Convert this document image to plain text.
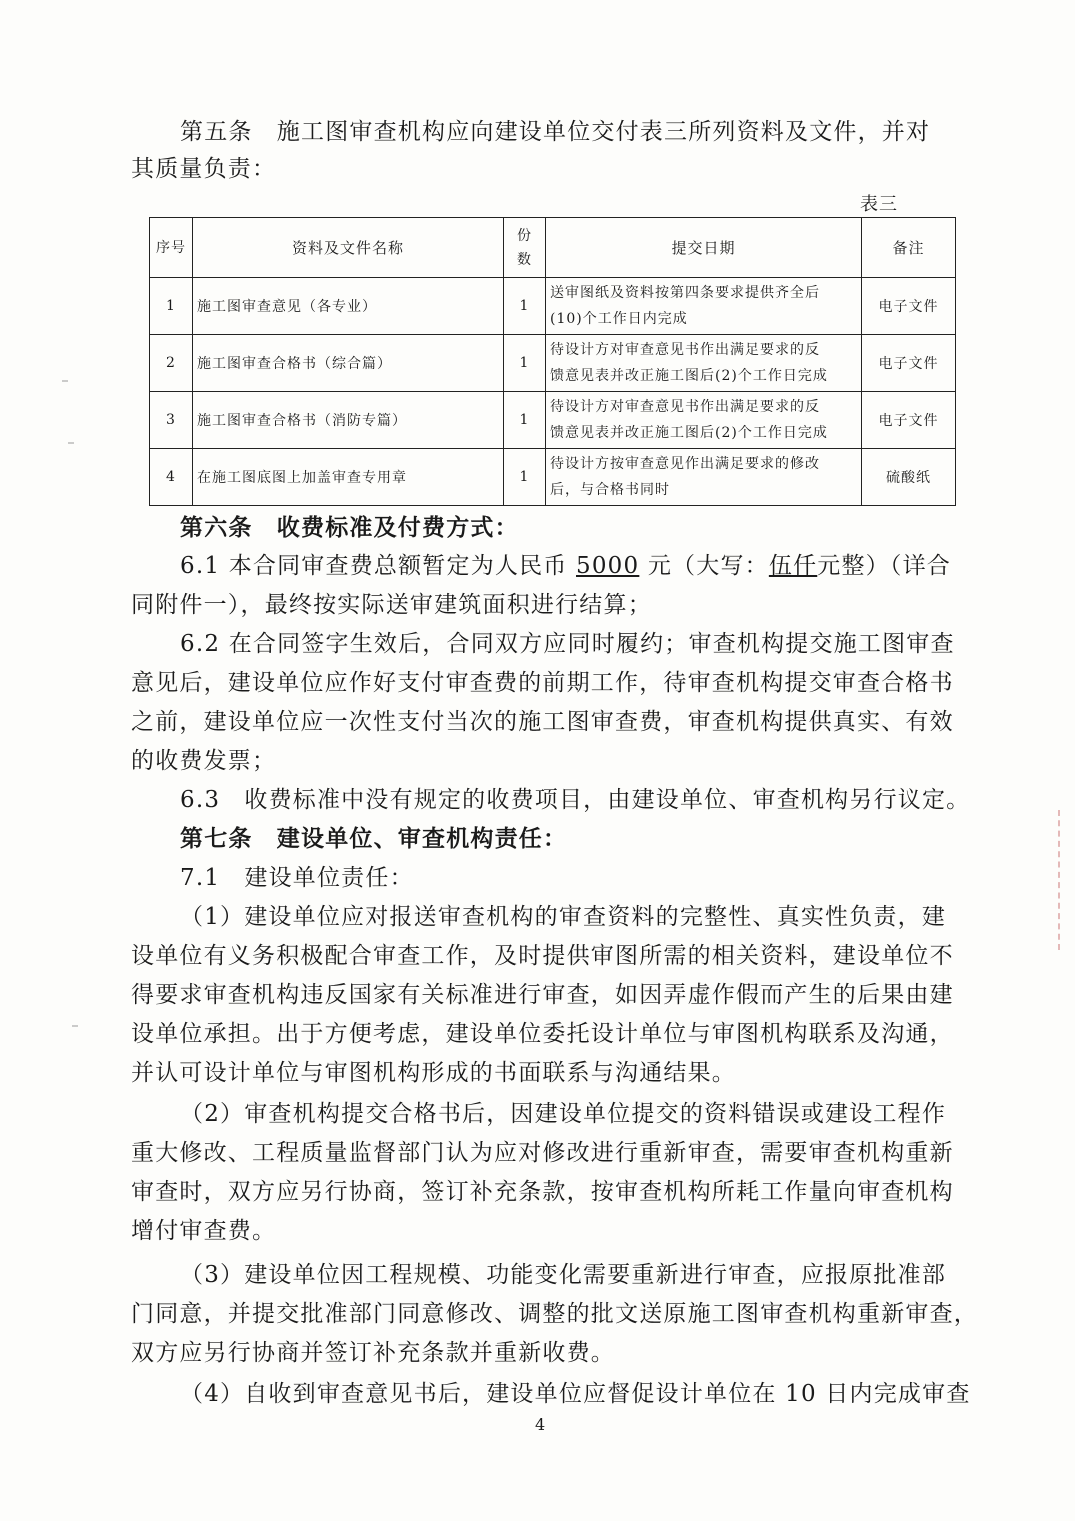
第五条　施工图审查机构应向建设单位交付表三所列资料及文件，并对
其质量负责：
表三
序号	资料及文件名称	份数	提交日期	备注
1	施工图审查意见（各专业）	1	送审图纸及资料按第四条要求提供齐全后
(10)个工作日内完成	电子文件
2	施工图审查合格书（综合篇）	1	待设计方对审查意见书作出满足要求的反
馈意见表并改正施工图后(2)个工作日完成	电子文件
3	施工图审查合格书（消防专篇）	1	待设计方对审查意见书作出满足要求的反
馈意见表并改正施工图后(2)个工作日完成	电子文件
4	在施工图底图上加盖审查专用章	1	待设计方按审查意见作出满足要求的修改
后，与合格书同时	硫酸纸
第六条　收费标准及付费方式：
6.1 本合同审查费总额暂定为人民币 5000 元（大写：伍仟元整）（详合
同附件一），最终按实际送审建筑面积进行结算；
6.2 在合同签字生效后，合同双方应同时履约；审查机构提交施工图审查
意见后，建设单位应作好支付审查费的前期工作，待审查机构提交审查合格书
之前，建设单位应一次性支付当次的施工图审查费，审查机构提供真实、有效
的收费发票；
6.3　收费标准中没有规定的收费项目，由建设单位、审查机构另行议定。
第七条　建设单位、审查机构责任：
7.1　建设单位责任：
（1）建设单位应对报送审查机构的审查资料的完整性、真实性负责，建
设单位有义务积极配合审查工作，及时提供审图所需的相关资料，建设单位不
得要求审查机构违反国家有关标准进行审查，如因弄虚作假而产生的后果由建
设单位承担。出于方便考虑，建设单位委托设计单位与审图机构联系及沟通，
并认可设计单位与审图机构形成的书面联系与沟通结果。
（2）审查机构提交合格书后，因建设单位提交的资料错误或建设工程作
重大修改、工程质量监督部门认为应对修改进行重新审查，需要审查机构重新
审查时，双方应另行协商，签订补充条款，按审查机构所耗工作量向审查机构
增付审查费。
（3）建设单位因工程规模、功能变化需要重新进行审查，应报原批准部
门同意，并提交批准部门同意修改、调整的批文送原施工图审查机构重新审查，
双方应另行协商并签订补充条款并重新收费。
（4）自收到审查意见书后，建设单位应督促设计单位在 10 日内完成审查
4
